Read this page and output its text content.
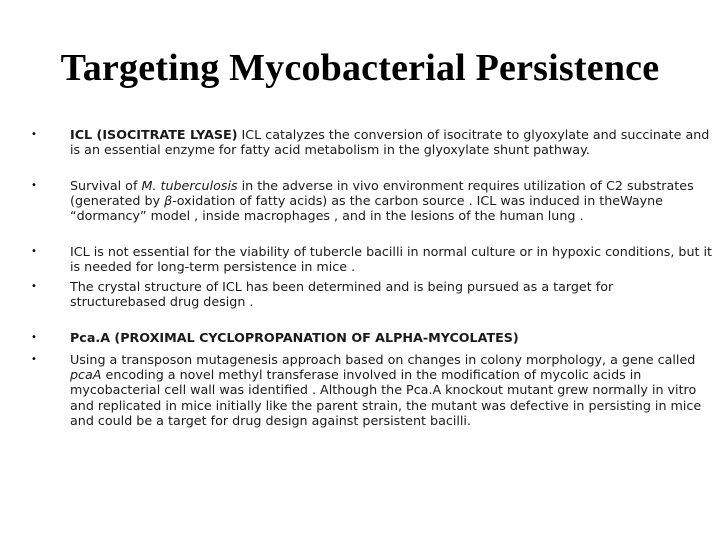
Targeting Mycobacterial Persistence
•	ICL (ISOCITRATE LYASE) ICL catalyzes the conversion of isocitrate to glyoxylate and succinate and is an essential enzyme for fatty acid metabolism in the glyoxylate shunt pathway.
•	Survival of M. tuberculosis in the adverse in vivo environment requires utilization of C2 substrates (generated by β-oxidation of fatty acids) as the carbon source . ICL was induced in theWayne “dormancy” model , inside macrophages , and in the lesions of the human lung .
•	ICL is not essential for the viability of tubercle bacilli in normal culture or in hypoxic conditions, but it is needed for long-term persistence in mice .
•	The crystal structure of ICL has been determined and is being pursued as a target for structurebased drug design .
•	Pca.A (PROXIMAL CYCLOPROPANATION OF ALPHA-MYCOLATES)
•	Using a transposon mutagenesis approach based on changes in colony morphology, a gene called pcaA encoding a novel methyl transferase involved in the modification of mycolic acids in mycobacterial cell wall was identified . Although the Pca.A knockout mutant grew normally in vitro and replicated in mice initially like the parent strain, the mutant was defective in persisting in mice and could be a target for drug design against persistent bacilli.
